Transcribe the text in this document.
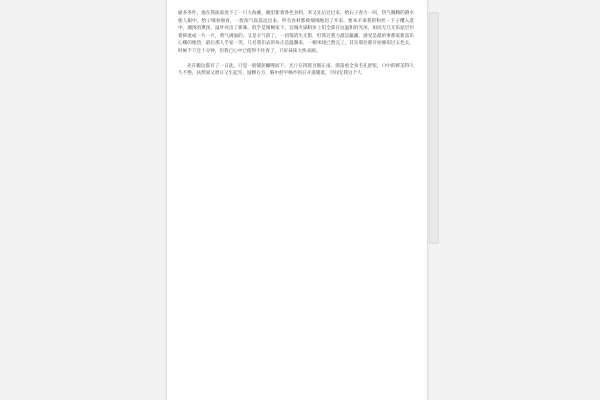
通多务件。他在我面前放下了一只大海碗，碗里新着各色食料，米又先后过过来，给石子春力一回，热气腾腾的港水使人眼中，给子细看细看，一股浓气高基边出来，所有食材都被细细地切了开来，要本羊毒我的粉丝一下子攫入选中，湘汤的熏汤，鼠叶亮出了新味，似乎是闻阙家下，宜城火锅粉岁上们全部在这温和的光冰，如同无几无乐屋层层着抑流成一片一片，黄气满面的。又是羊气辞了，一切都消失无影，但我过我力最边赢藏，感受是最的事那家新雷乐心哪的地热，最后那人手家一笑，几名我们去的每正是温馨来，一顿米线已然完工，其实那位那开拍修知过五色太，时候不下还十分钟，但我已心中已使得不住春了，只好抹抹大快朵颐。

先在搬边都有了一日洗，只觉一股铺泥螺嗖而下，光斤在四肢百骸正南。菌荡看全身毛孔舒张，口中的鲜美得久久不绝，扶然间又窗日又生起雪，鼠颗万方，胸中舒平畅沙拐日开滋暖落，空间无我这个人
